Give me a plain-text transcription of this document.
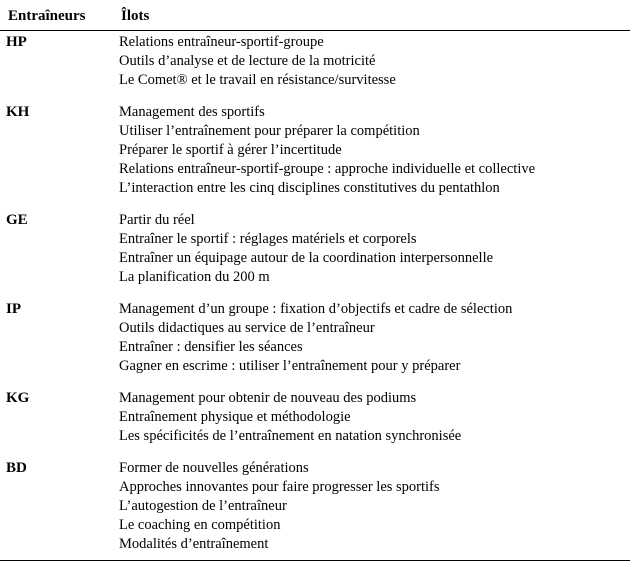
Entraîneurs	Îlots
HP	Relations entraîneur-sportif-groupe
Outils d’analyse et de lecture de la motricité
Le Comet® et le travail en résistance/survitesse
KH	Management des sportifs
Utiliser l’entraînement pour préparer la compétition
Préparer le sportif à gérer l’incertitude
Relations entraîneur-sportif-groupe : approche individuelle et collective
L’interaction entre les cinq disciplines constitutives du pentathlon
GE	Partir du réel
Entraîner le sportif : réglages matériels et corporels
Entraîner un équipage autour de la coordination interpersonnelle
La planification du 200 m
IP	Management d’un groupe : fixation d’objectifs et cadre de sélection
Outils didactiques au service de l’entraîneur
Entraîner : densifier les séances
Gagner en escrime : utiliser l’entraînement pour y préparer
KG	Management pour obtenir de nouveau des podiums
Entraînement physique et méthodologie
Les spécificités de l’entraînement en natation synchronisée
BD	Former de nouvelles générations
Approches innovantes pour faire progresser les sportifs
L’autogestion de l’entraîneur
Le coaching en compétition
Modalités d’entraînement
